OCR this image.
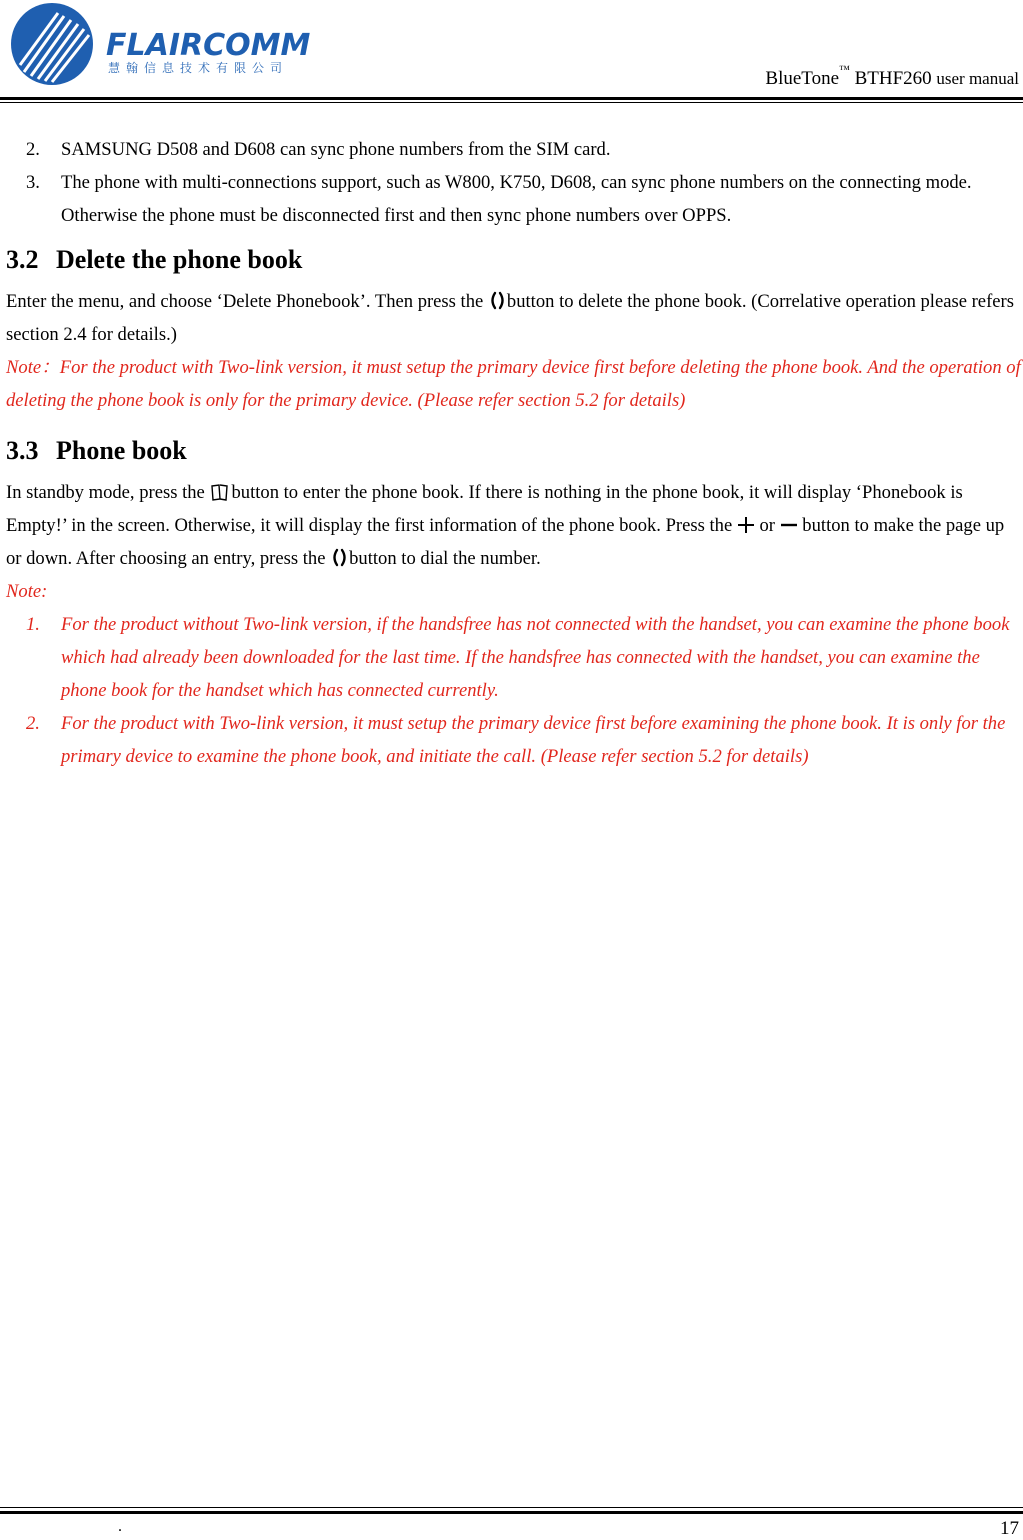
FLAIRCOMM
慧翰信息技术有限公司	BlueTone™ BTHF260 user manual
2. SAMSUNG D508 and D608 can sync phone numbers from the SIM card.
3. The phone with multi-connections support, such as W800, K750, D608, can sync phone numbers on the connecting mode. Otherwise the phone must be disconnected first and then sync phone numbers over OPPS.
3.2 Delete the phone book

Enter the menu, and choose ‘Delete Phonebook’. Then press the button to delete the phone book. (Correlative operation please refers section 2.4 for details.)

Note：For the product with Two-link version, it must setup the primary device first before deleting the phone book. And the operation of deleting the phone book is only for the primary device. (Please refer section 5.2 for details)

3.3 Phone book

In standby mode, press the button to enter the phone book. If there is nothing in the phone book, it will display ‘Phonebook is Empty!’ in the screen. Otherwise, it will display the first information of the phone book. Press the  or  button to make the page up or down. After choosing an entry, press the button to dial the number.

Note:

1. For the product without Two-link version, if the handsfree has not connected with the handset, you can examine the phone book which had already been downloaded for the last time. If the handsfree has connected with the handset, you can examine the phone book for the handset which has connected currently.
2. For the product with Two-link version, it must setup the primary device first before examining the phone book. It is only for the primary device to examine the phone book, and initiate the call. (Please refer section 5.2 for details)
.	17
